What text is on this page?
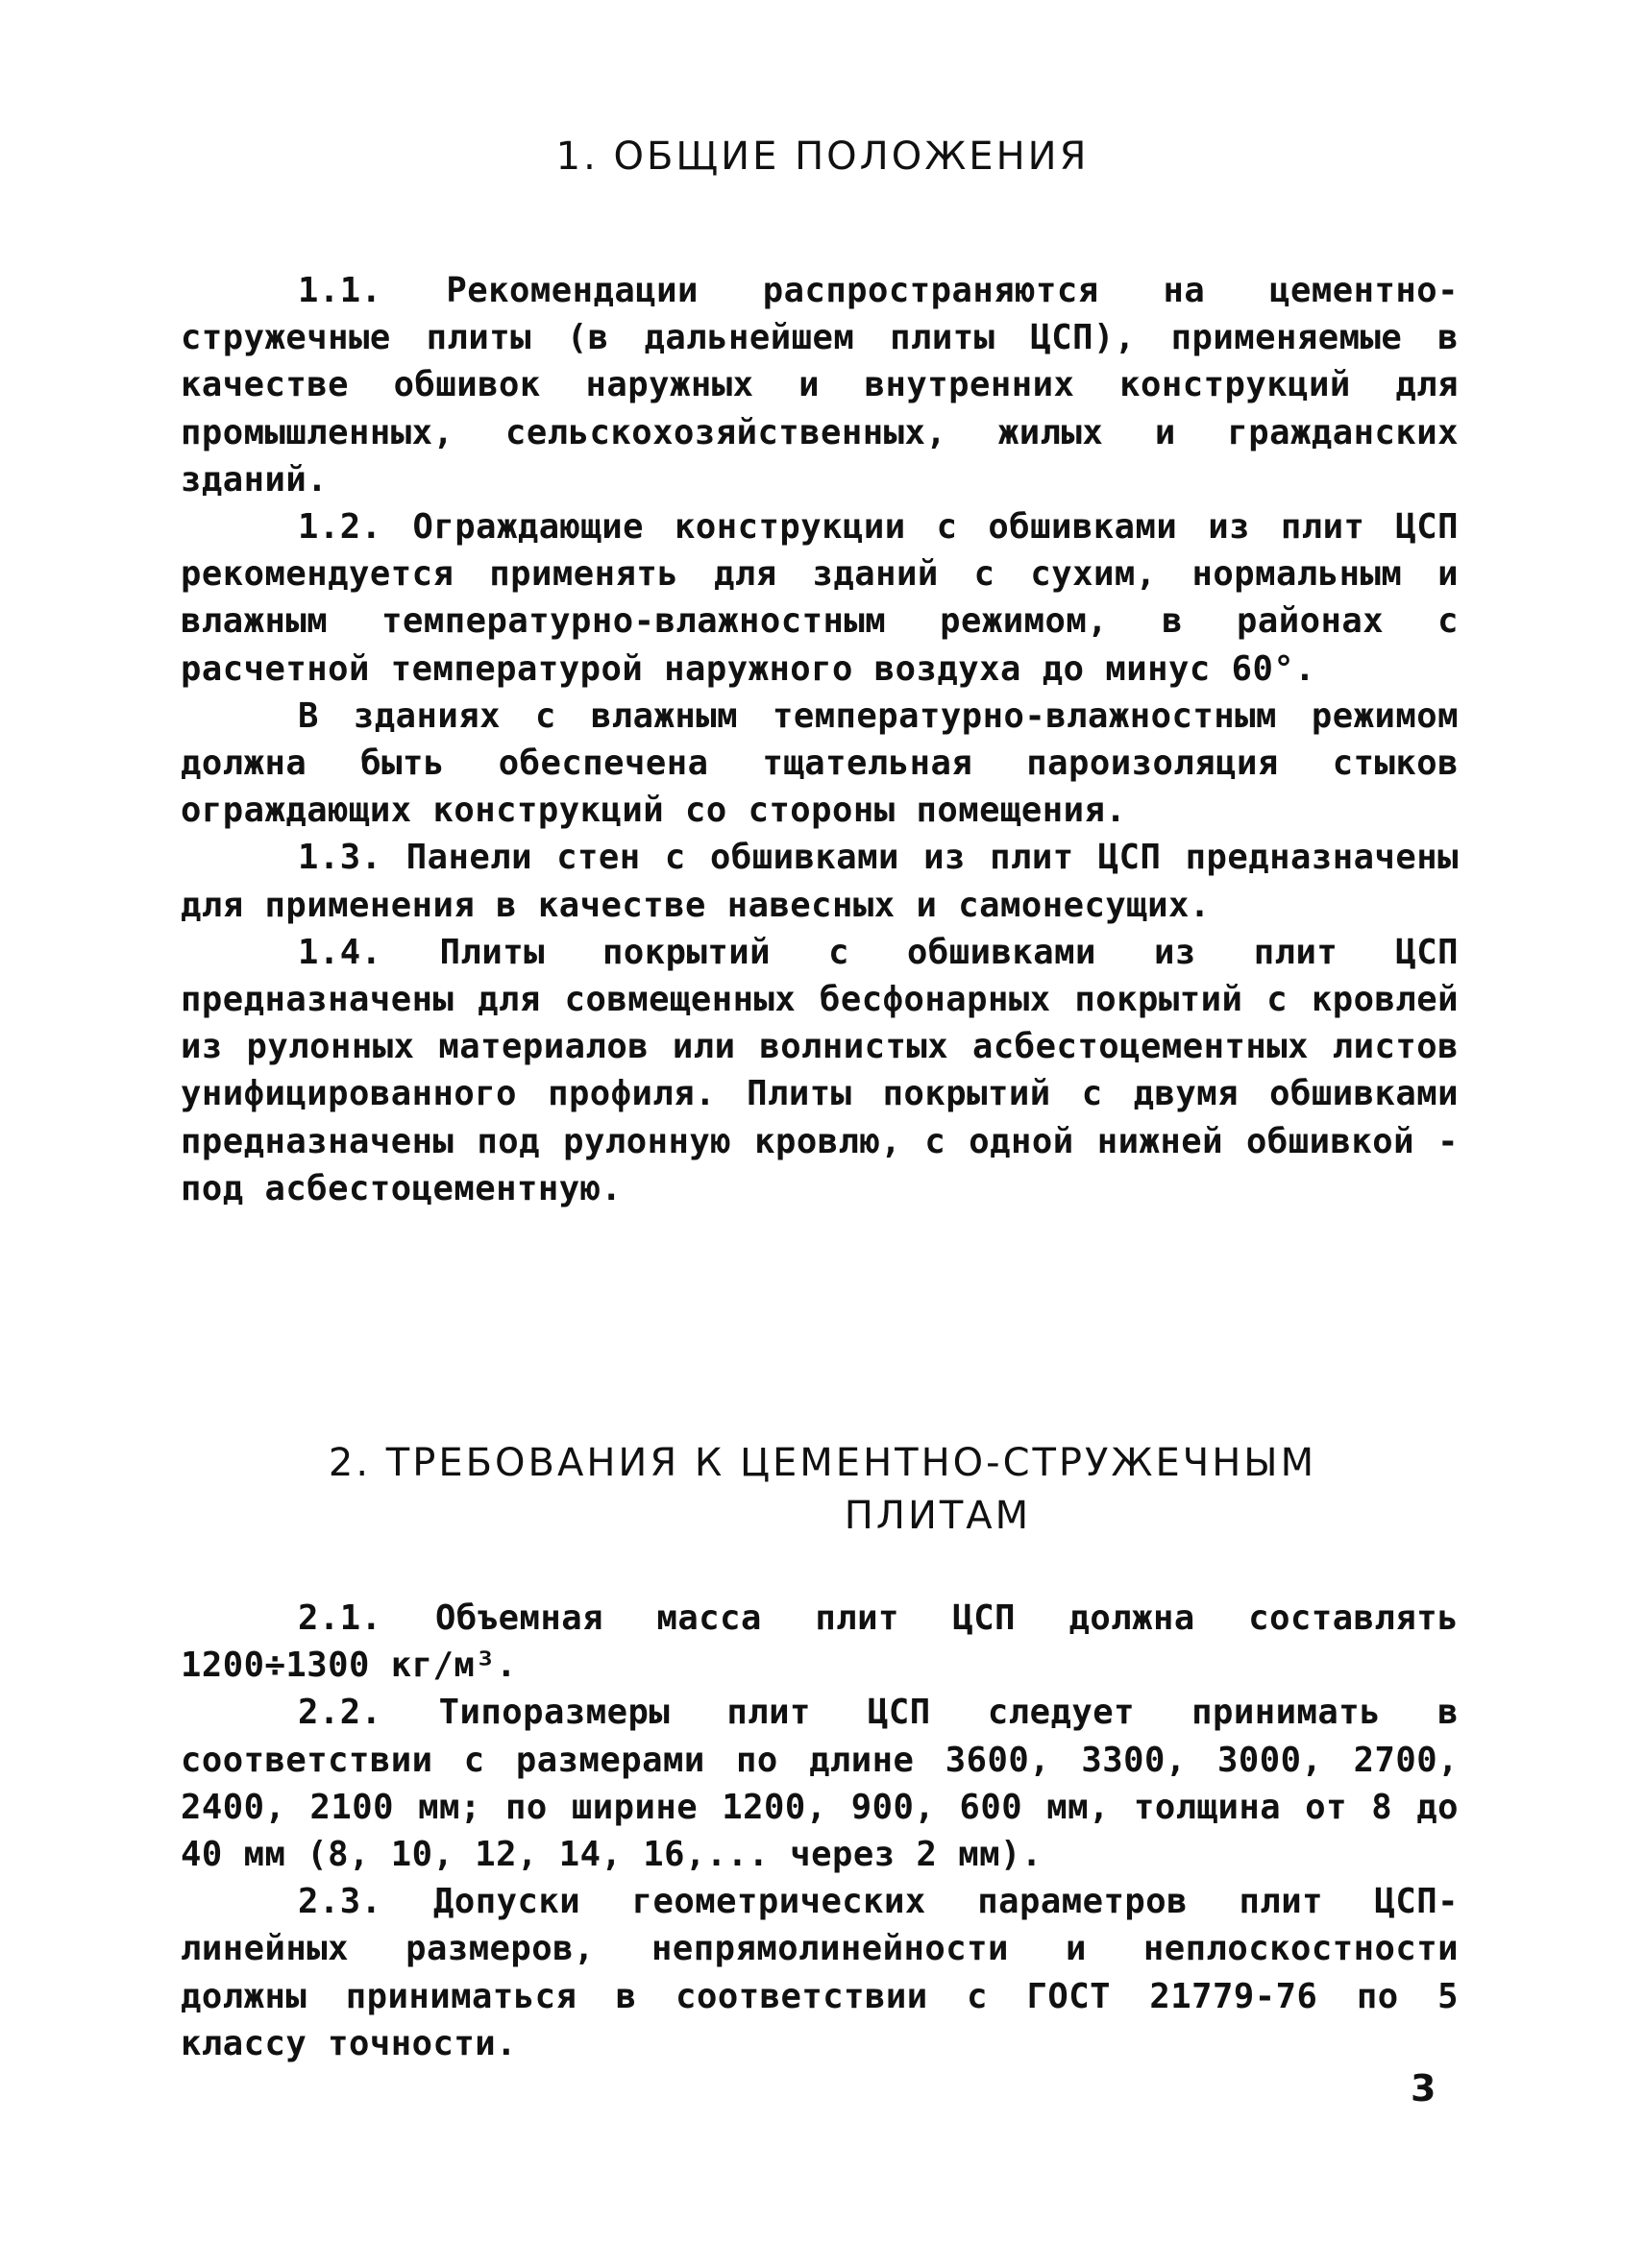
1. ОБЩИЕ ПОЛОЖЕНИЯ

1.1. Рекомендации распространяются на цементно-стружечные плиты (в дальнейшем плиты ЦСП), применяемые в качестве обшивок наружных и внутренних конструкций для промышленных, сельскохозяйственных, жилых и гражданских зданий.

1.2. Ограждающие конструкции с обшивками из плит ЦСП рекомендуется применять для зданий с сухим, нормальным и влажным температурно-влажностным режимом, в районах с расчетной температурой наружного воздуха до минус 60°.

В зданиях с влажным температурно-влажностным режимом должна быть обеспечена тщательная пароизоляция стыков ограждающих конструкций со стороны помещения.

1.3. Панели стен с обшивками из плит ЦСП предназначены для применения в качестве навесных и самонесущих.

1.4. Плиты покрытий с обшивками из плит ЦСП предназначены для совмещенных бесфонарных покрытий с кровлей из рулонных материалов или волнистых асбестоцементных листов унифицированного профиля. Плиты покрытий с двумя обшивками предназначены под рулонную кровлю, с одной нижней обшивкой - под асбестоцементную.

2. ТРЕБОВАНИЯ К ЦЕМЕНТНО-СТРУЖЕЧНЫМ
ПЛИТАМ

2.1. Объемная масса плит ЦСП должна составлять 1200÷1300 кг/м³.

2.2. Типоразмеры плит ЦСП следует принимать в соответствии с размерами по длине 3600, 3300, 3000, 2700, 2400, 2100 мм; по ширине 1200, 900, 600 мм, толщина от 8 до 40 мм (8, 10, 12, 14, 16,... через 2 мм).

2.3. Допуски геометрических параметров плит ЦСП-линейных размеров, непрямолинейности и неплоскостности должны приниматься в соответствии с ГОСТ 21779-76 по 5 классу точности.

3
